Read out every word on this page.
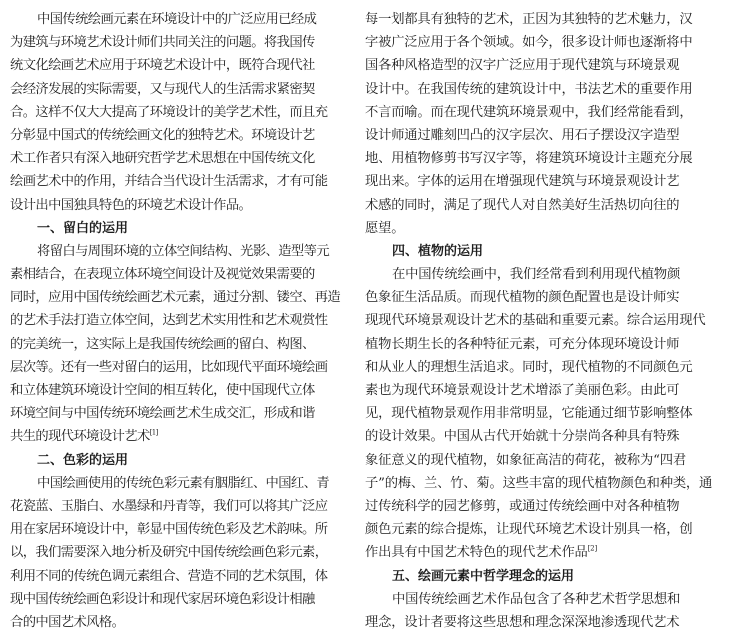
中国传统绘画元素在环境设计中的广泛应用已经成
为建筑与环境艺术设计师们共同关注的问题。将我国传
统文化绘画艺术应用于环境艺术设计中，既符合现代社
会经济发展的实际需要，又与现代人的生活需求紧密契
合。这样不仅大大提高了环境设计的美学艺术性，而且充
分彰显中国式的传统绘画文化的独特艺术。环境设计艺
术工作者只有深入地研究哲学艺术思想在中国传统文化
绘画艺术中的作用，并结合当代设计生活需求，才有可能
设计出中国独具特色的环境艺术设计作品。
一、留白的运用
将留白与周围环境的立体空间结构、光影、造型等元
素相结合，在表现立体环境空间设计及视觉效果需要的
同时，应用中国传统绘画艺术元素，通过分割、镂空、再造
的艺术手法打造立体空间，达到艺术实用性和艺术观赏性
的完美统一，这实际上是我国传统绘画的留白、构图、
层次等。还有一些对留白的运用，比如现代平面环境绘画
和立体建筑环境设计空间的相互转化，使中国现代立体
环境空间与中国传统环境绘画艺术生成交汇，形成和谐
共生的现代环境设计艺术[1]
二、色彩的运用
中国绘画使用的传统色彩元素有胭脂红、中国红、青
花瓷蓝、玉脂白、水墨绿和丹青等，我们可以将其广泛应
用在家居环境设计中，彰显中国传统色彩及艺术韵味。所
以，我们需要深入地分析及研究中国传统绘画色彩元素，
利用不同的传统色调元素组合、营造不同的艺术氛围，体
现中国传统绘画色彩设计和现代家居环境色彩设计相融
合的中国艺术风格。
每一划都具有独特的艺术，正因为其独特的艺术魅力，汉
字被广泛应用于各个领域。如今，很多设计师也逐渐将中
国各种风格造型的汉字广泛应用于现代建筑与环境景观
设计中。在我国传统的建筑设计中，书法艺术的重要作用
不言而喻。而在现代建筑环境景观中，我们经常能看到，
设计师通过雕刻凹凸的汉字层次、用石子摆设汉字造型
地、用植物修剪书写汉字等，将建筑环境设计主题充分展
现出来。字体的运用在增强现代建筑与环境景观设计艺
术感的同时，满足了现代人对自然美好生活热切向往的
愿望。
四、植物的运用
在中国传统绘画中，我们经常看到利用现代植物颜
色象征生活品质。而现代植物的颜色配置也是设计师实
现现代环境景观设计艺术的基础和重要元素。综合运用现代
植物长期生长的各种特征元素，可充分体现环境设计师
和从业人的理想生活追求。同时，现代植物的不同颜色元
素也为现代环境景观设计艺术增添了美丽色彩。由此可
见，现代植物景观作用非常明显，它能通过细节影响整体
的设计效果。中国从古代开始就十分崇尚各种具有特殊
象征意义的现代植物，如象征高洁的荷花，被称为“四君
子”的梅、兰、竹、菊。这些丰富的现代植物颜色和种类，通
过传统科学的园艺修剪，或通过传统绘画中对各种植物
颜色元素的综合提炼，让现代环境艺术设计别具一格，创
作出具有中国艺术特色的现代艺术作品[2]
五、绘画元素中哲学理念的运用
中国传统绘画艺术作品包含了各种艺术哲学思想和
理念，设计者要将这些思想和理念深深地渗透现代艺术
